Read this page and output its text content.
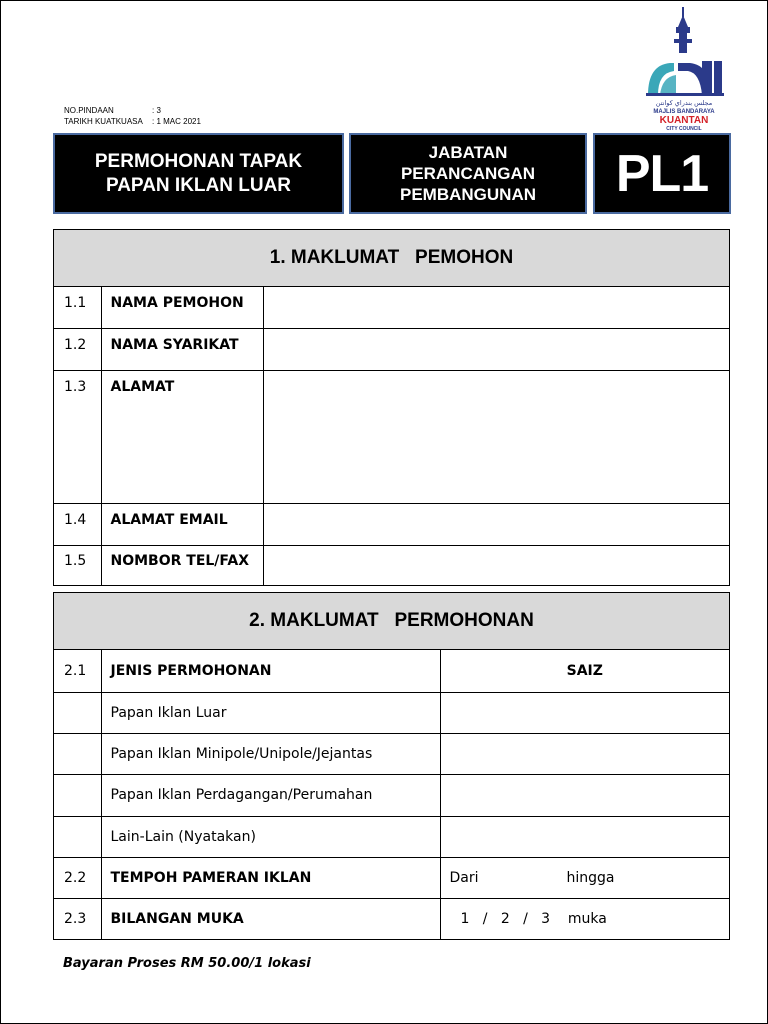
NO.PINDAAN	: 3
TARIKH KUATKUASA	: 1 MAC 2021
مجلس بندراي كوانتن
MAJLIS BANDARAYA
KUANTAN
CITY COUNCIL
PERMOHONAN TAPAK
PAPAN IKLAN LUAR
JABATAN
PERANCANGAN
PEMBANGUNAN PL1
1. MAKLUMAT   PEMOHON
1.1	NAMA PEMOHON	
1.2	NAMA SYARIKAT	
1.3	ALAMAT	
1.4	ALAMAT EMAIL	
1.5	NOMBOR TEL/FAX	
2. MAKLUMAT   PERMOHONAN
2.1	JENIS PERMOHONAN	SAIZ
	Papan Iklan Luar	
	Papan Iklan Minipole/Unipole/Jejantas	
	Papan Iklan Perdagangan/Perumahan	
	Lain-Lain (Nyatakan)	
2.2	TEMPOH PAMERAN IKLAN	Dari hingga
2.3	BILANGAN MUKA	1   /   2   /   3    muka
Bayaran Proses RM 50.00/1 lokasi
